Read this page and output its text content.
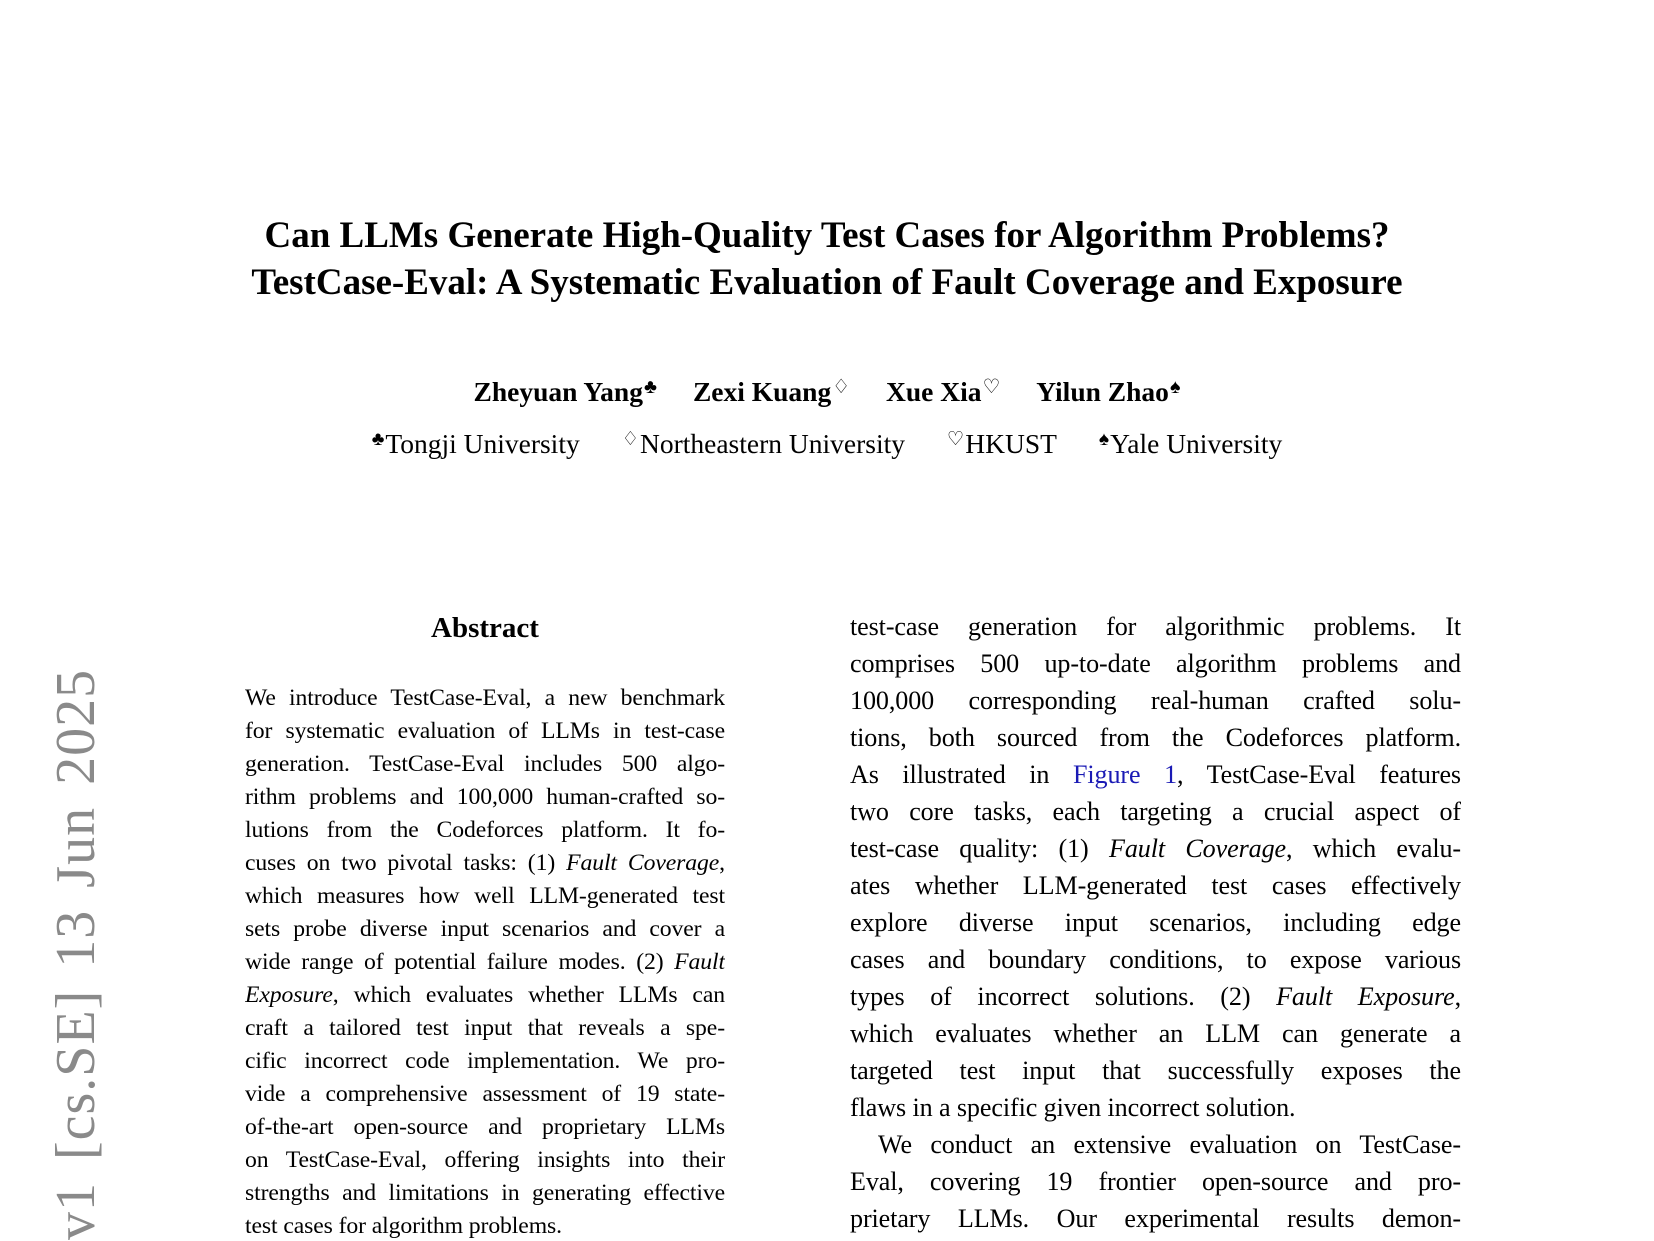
v1 [cs.SE] 13 Jun 2025
Can LLMs Generate High-Quality Test Cases for Algorithm Problems?
TestCase-Eval: A Systematic Evaluation of Fault Coverage and Exposure
Zheyuan Yang♣ Zexi Kuang♢ Xue Xia♡ Yilun Zhao♠
♣Tongji University ♢Northeastern University ♡HKUST ♠Yale University
Abstract
We introduce TestCase-Eval, a new benchmark
for systematic evaluation of LLMs in test-case
generation. TestCase-Eval includes 500 algo-
rithm problems and 100,000 human-crafted so-
lutions from the Codeforces platform. It fo-
cuses on two pivotal tasks: (1) Fault Coverage,
which measures how well LLM-generated test
sets probe diverse input scenarios and cover a
wide range of potential failure modes. (2) Fault
Exposure, which evaluates whether LLMs can
craft a tailored test input that reveals a spe-
cific incorrect code implementation. We pro-
vide a comprehensive assessment of 19 state-
of-the-art open-source and proprietary LLMs
on TestCase-Eval, offering insights into their
strengths and limitations in generating effective
test cases for algorithm problems.
test-case generation for algorithmic problems. It
comprises 500 up-to-date algorithm problems and
100,000 corresponding real-human crafted solu-
tions, both sourced from the Codeforces platform.
As illustrated in Figure 1, TestCase-Eval features
two core tasks, each targeting a crucial aspect of
test-case quality: (1) Fault Coverage, which evalu-
ates whether LLM-generated test cases effectively
explore diverse input scenarios, including edge
cases and boundary conditions, to expose various
types of incorrect solutions. (2) Fault Exposure,
which evaluates whether an LLM can generate a
targeted test input that successfully exposes the
flaws in a specific given incorrect solution.
We conduct an extensive evaluation on TestCase-
Eval, covering 19 frontier open-source and pro-
prietary LLMs. Our experimental results demon-
